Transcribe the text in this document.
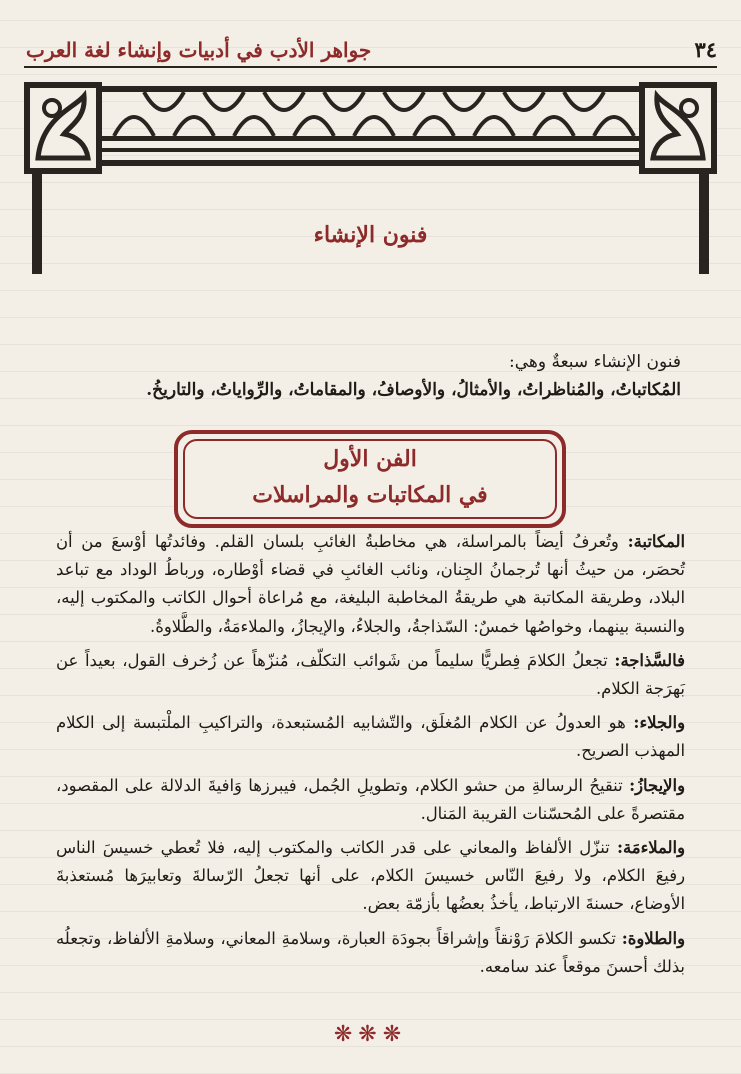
٣٤
جواهر الأدب في أدبيات وإنشاء لغة العرب
فنون الإنشاء
فنون الإنشاء سبعةٌ وهي:
المُكاتباتُ، والمُناظراتُ، والأمثالُ، والأوصافُ، والمقاماتُ، والرِّواياتُ، والتاريخُ.
الفن الأول
في المكاتبات والمراسلات

المكاتبة: وتُعرفُ أيضاً بالمراسلة، هي مخاطبةُ الغائبِ بلسان القلم. وفائدتُها أوْسعَ من أن تُحصَر، من حيثُ أنها تُرجمانُ الجِنان، ونائب الغائبِ في قضاء أوْطاره، ورباطُ الوداد مع تباعد البلاد، وطريقة المكاتبة هي طريقةُ المخاطبة البليغة، مع مُراعاة أحوال الكاتب والمكتوب إليه، والنسبة بينهما، وخواصُها خمسٌ: السّذاجةُ، والجلاءُ، والإيجازُ، والملاءمَةُ، والطَّلاوةُ.

فالسَّذاجة: تجعلُ الكلامَ فِطريًّا سليماً من شَوائب التكلّف، مُنزّهاً عن زُخرف القول، بعيداً عن بَهرَجة الكلام.

والجلاء: هو العدولُ عن الكلام المُغلَق، والتّشابيه المُستبعدة، والتراكيبِ الملْتبسة إلى الكلام المهذب الصريح.

والإيجازُ: تنقيحُ الرسالةِ من حشو الكلام، وتطويلِ الجُمل، فيبرزها وَافيةَ الدلالة على المقصود، مقتصرةً على المُحسّنات القريبة المَنال.

والملاءمَة: تنزّل الألفاظ والمعاني على قدر الكاتب والمكتوب إليه، فلا تُعطي خسيسَ الناس رفيعَ الكلام، ولا رفيعَ النّاس خسيسَ الكلام، على أنها تجعلُ الرّسالةَ وتعابيرَها مُستعذبةَ الأوضاع، حسنةَ الارتباط، يأخذُ بعضُها بأزمّة بعض.

والطلاوة: تكسو الكلامَ رَوْنقاً وإشراقاً بجودَة العبارة، وسلامةِ المعاني، وسلامةِ الألفاظ، وتجعلُه بذلك أحسنَ موقعاً عند سامعه.

❋❋❋
